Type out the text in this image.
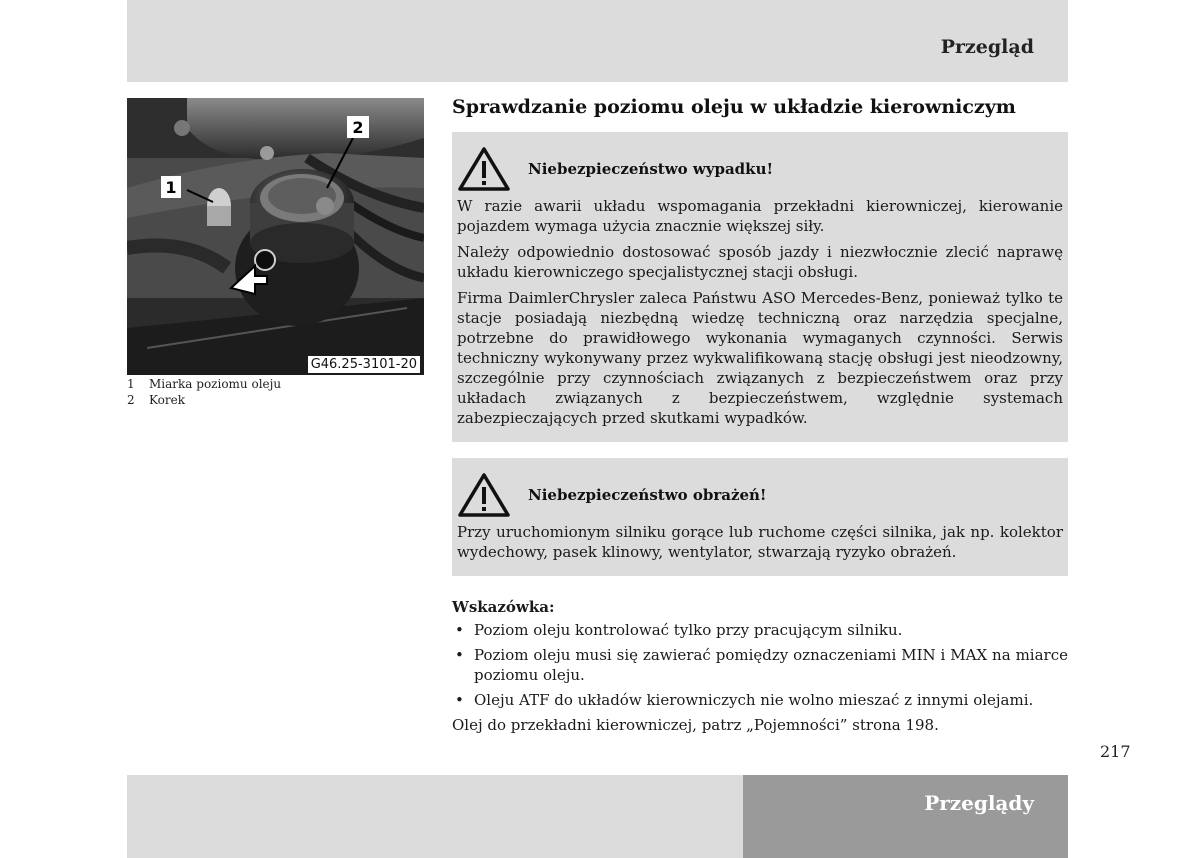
Przegląd
2
1
G46.25-3101-20
1 Miarka poziomu oleju
2 Korek
Sprawdzanie poziomu oleju w układzie kierowniczym
Niebezpieczeństwo wypadku!

W razie awarii układu wspomagania przekładni kierowniczej, kierowanie pojazdem wymaga użycia znacznie większej siły.

Należy odpowiednio dostosować sposób jazdy i niezwłocznie zlecić naprawę układu kierowniczego specjalistycznej stacji obsługi.

Firma DaimlerChrysler zaleca Państwu ASO Mercedes-Benz, ponieważ tylko te stacje posiadają niezbędną wiedzę techniczną oraz narzędzia specjalne, potrzebne do prawidłowego wykonania wymaganych czynności. Serwis techniczny wykonywany przez wykwalifikowaną stację obsługi jest nieodzowny, szczególnie przy czynnościach związanych z bezpieczeństwem oraz przy układach związanych z bezpieczeństwem, względnie systemach zabezpieczających przed skutkami wypadków.

Niebezpieczeństwo obrażeń!

Przy uruchomionym silniku gorące lub ruchome części silnika, jak np. kolektor wydechowy, pasek klinowy, wentylator, stwarzają ryzyko obrażeń.

Wskazówka:
• Poziom oleju kontrolować tylko przy pracującym silniku.
• Poziom oleju musi się zawierać pomiędzy oznaczeniami MIN i MAX na miarce poziomu oleju.
• Oleju ATF do układów kierowniczych nie wolno mieszać z innymi olejami.
Olej do przekładni kierowniczej, patrz „Pojemności” strona 198.
217
Przeglądy
